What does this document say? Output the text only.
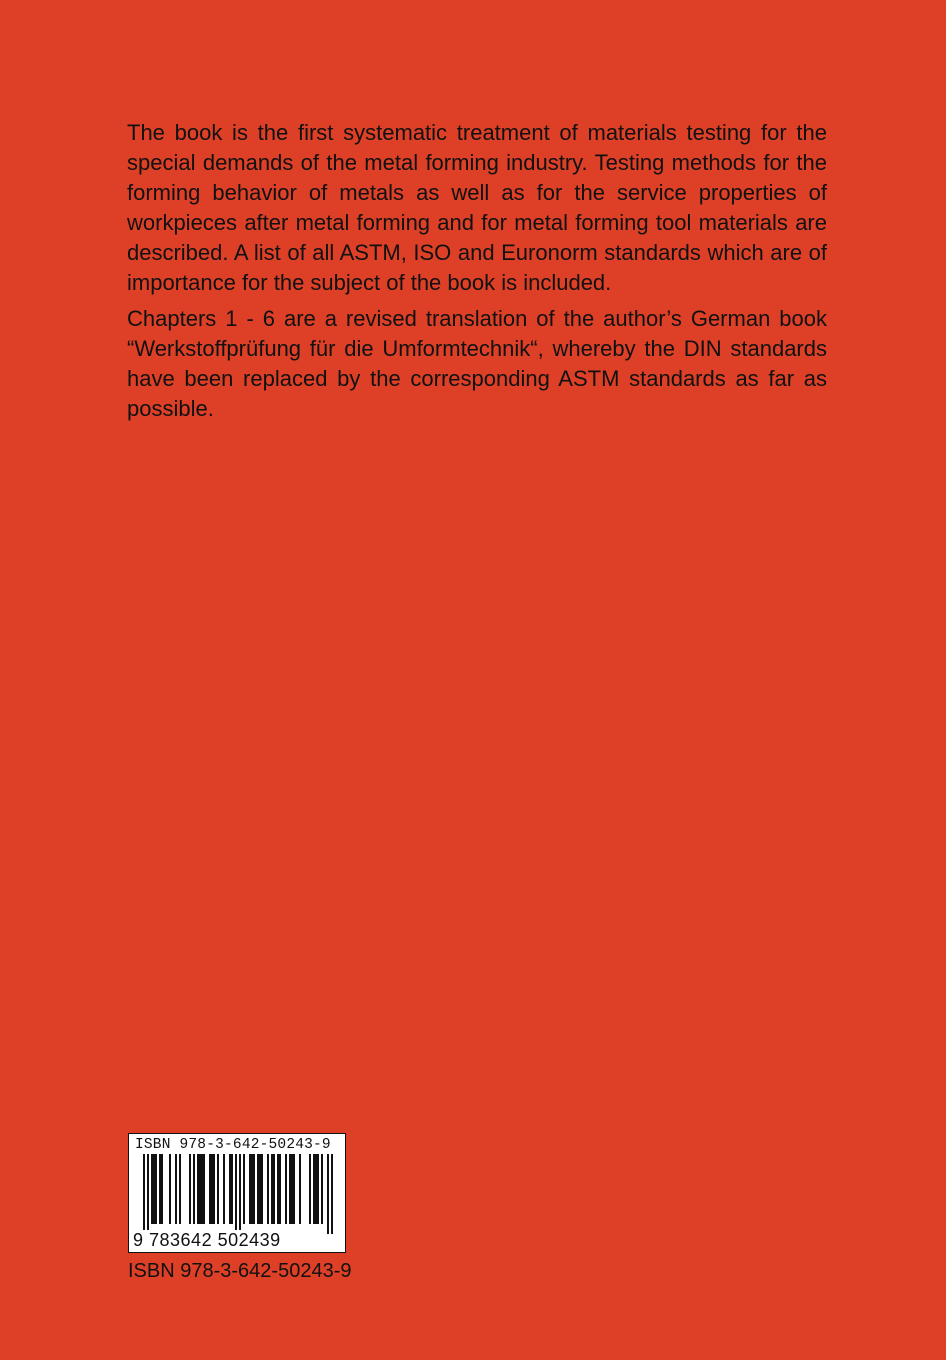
The book is the first systematic treatment of materials testing for the special demands of the metal forming industry. Testing methods for the forming behavior of metals as well as for the service properties of workpieces after metal forming and for metal forming tool materials are described. A list of all ASTM, ISO and Euronorm standards which are of importance for the subject of the book is included.

Chapters 1 - 6 are a revised translation of the author’s German book “Werkstoffprüfung für die Umformtechnik“, whereby the DIN standards have been replaced by the corresponding ASTM standards as far as possible.

ISBN 978-3-642-50243-9
9 783642 502439
ISBN 978-3-642-50243-9
